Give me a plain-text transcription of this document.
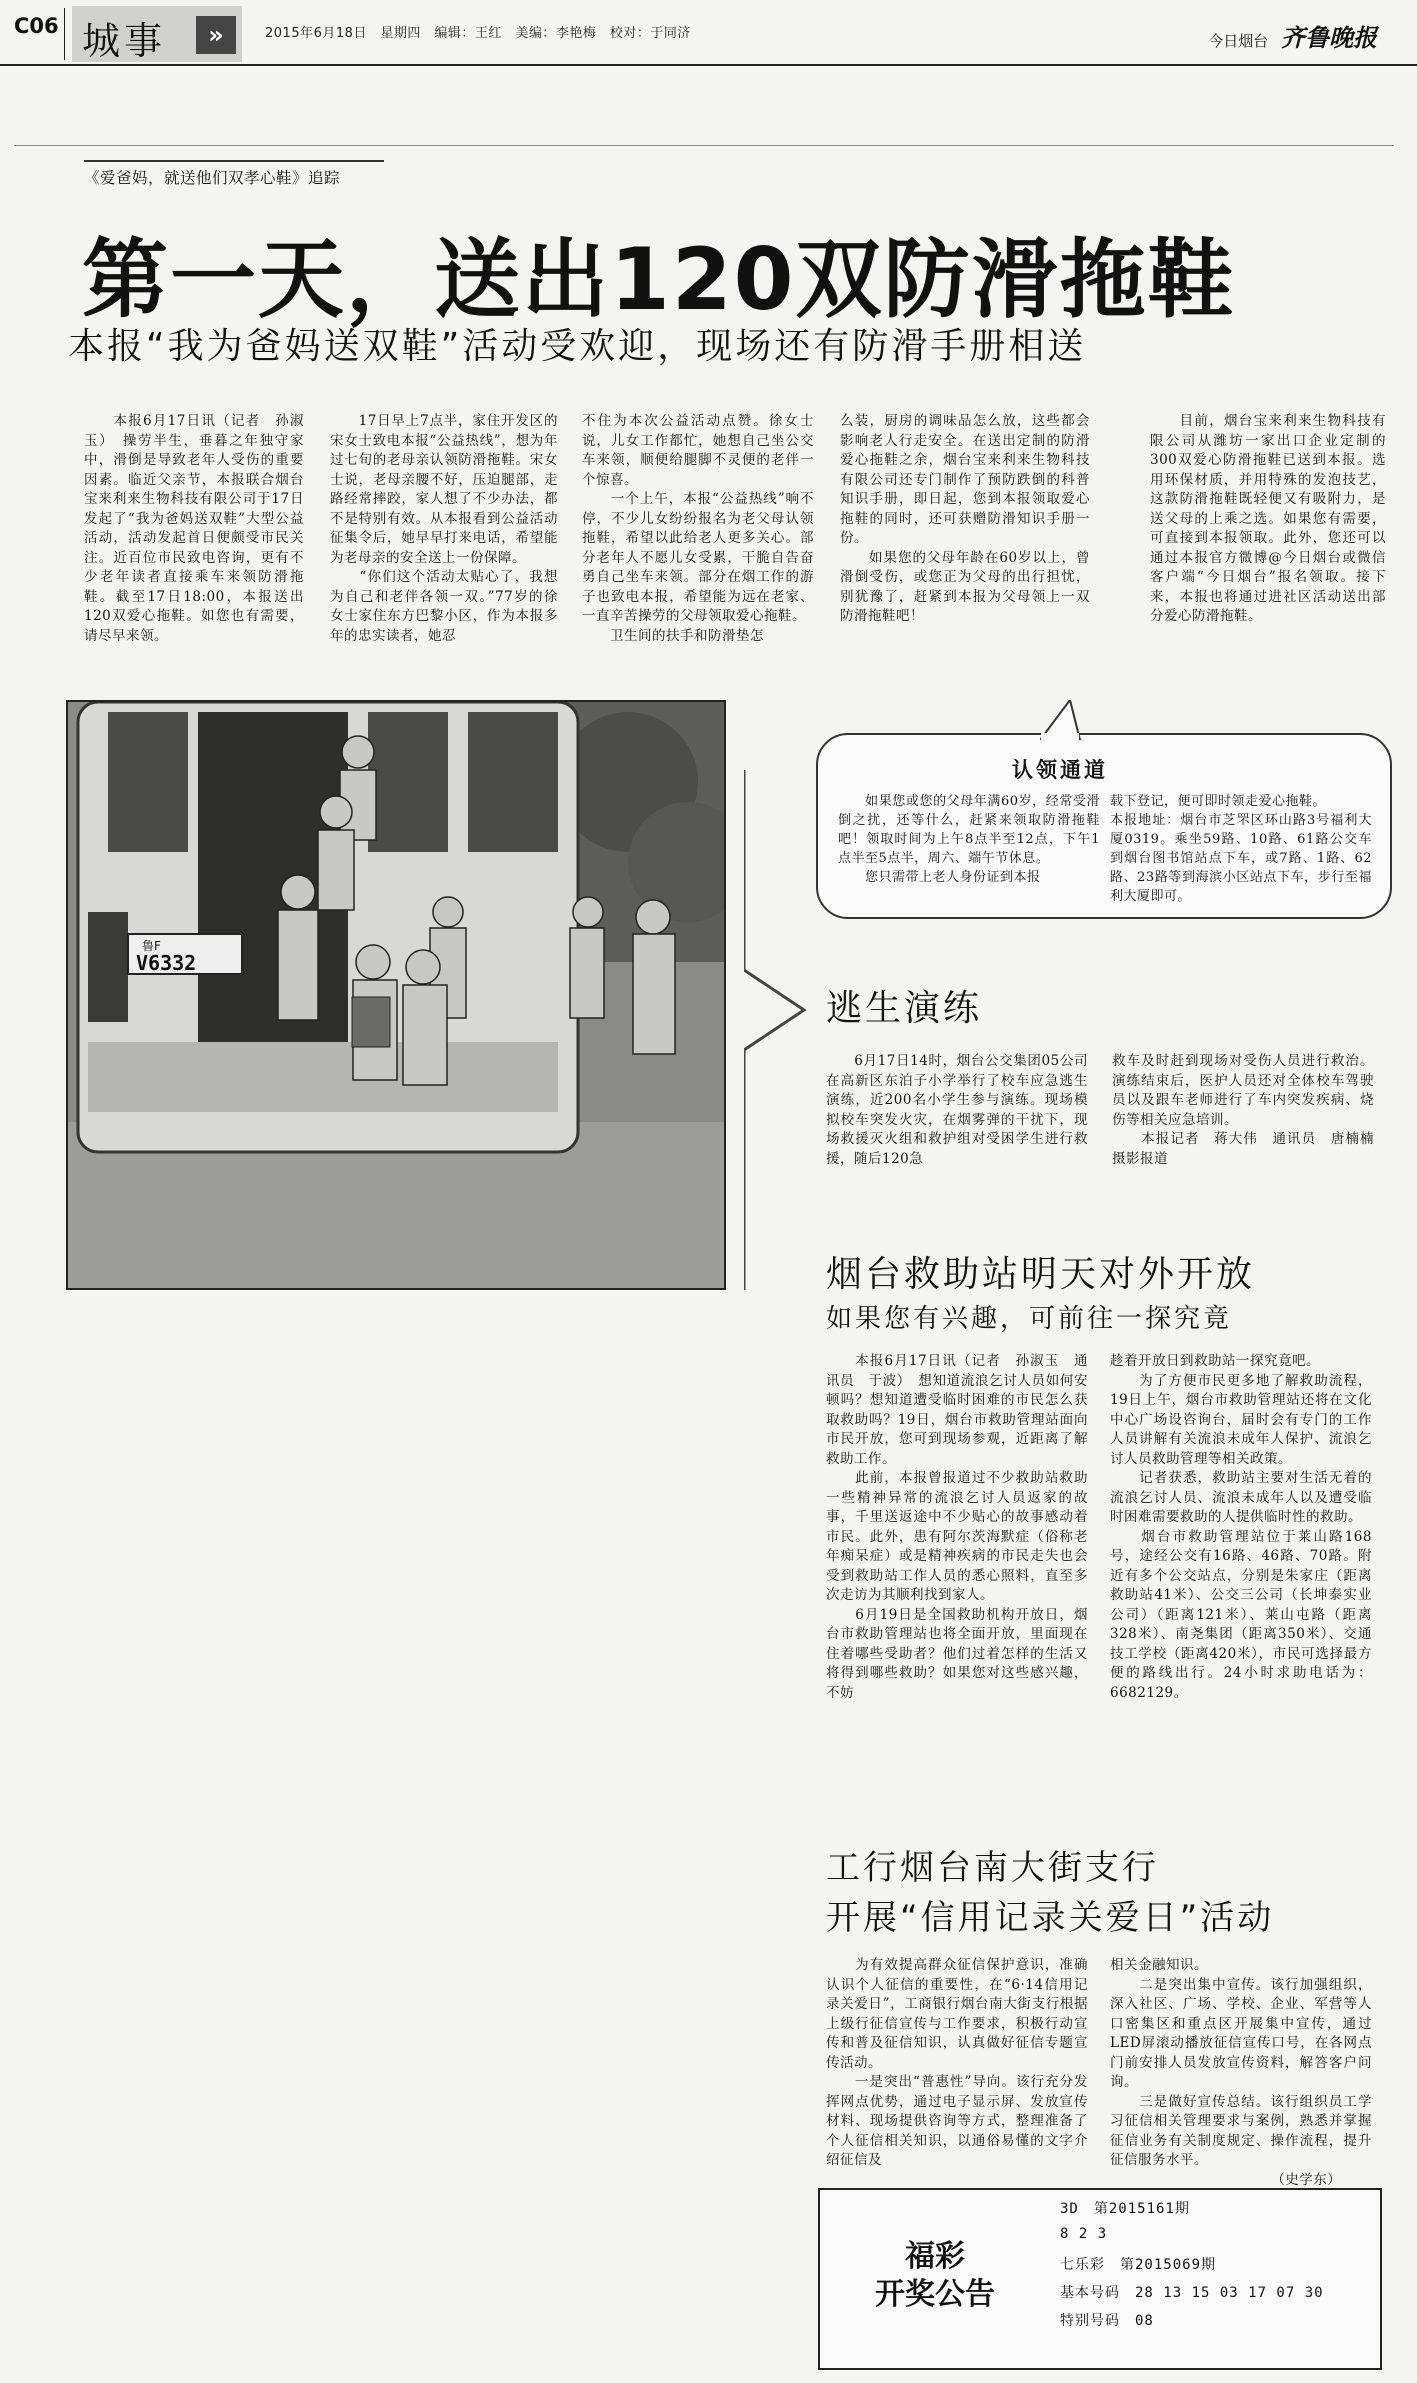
C06 城事	»	2015年6月18日　星期四　编辑：王红　美编：李艳梅　校对：于同济	今日烟台 齐鲁晚报
《爱爸妈，就送他们双孝心鞋》追踪
第一天，送出120双防滑拖鞋
本报“我为爸妈送双鞋”活动受欢迎，现场还有防滑手册相送
　　本报6月17日讯（记者　孙淑玉）　操劳半生，垂暮之年独守家中，滑倒是导致老年人受伤的重要因素。临近父亲节，本报联合烟台宝来利来生物科技有限公司于17日发起了“我为爸妈送双鞋”大型公益活动，活动发起首日便颇受市民关注。近百位市民致电咨询，更有不少老年读者直接乘车来领防滑拖鞋。截至17日18:00，本报送出120双爱心拖鞋。如您也有需要，请尽早来领。
　　17日早上7点半，家住开发区的宋女士致电本报“公益热线”，想为年过七旬的老母亲认领防滑拖鞋。宋女士说，老母亲腰不好，压迫腿部，走路经常摔跤，家人想了不少办法，都不是特别有效。从本报看到公益活动征集令后，她早早打来电话，希望能为老母亲的安全送上一份保障。
　　“你们这个活动太贴心了，我想为自己和老伴各领一双。”77岁的徐女士家住东方巴黎小区，作为本报多年的忠实读者，她忍
不住为本次公益活动点赞。徐女士说，儿女工作都忙，她想自己坐公交车来领，顺便给腿脚不灵便的老伴一个惊喜。
　　一个上午，本报“公益热线”响不停，不少儿女纷纷报名为老父母认领拖鞋，希望以此给老人更多关心。部分老年人不愿儿女受累，干脆自告奋勇自己坐车来领。部分在烟工作的游子也致电本报，希望能为远在老家、一直辛苦操劳的父母领取爱心拖鞋。
　　卫生间的扶手和防滑垫怎
么装，厨房的调味品怎么放，这些都会影响老人行走安全。在送出定制的防滑爱心拖鞋之余，烟台宝来利来生物科技有限公司还专门制作了预防跌倒的科普知识手册，即日起，您到本报领取爱心拖鞋的同时，还可获赠防滑知识手册一份。
　　如果您的父母年龄在60岁以上，曾滑倒受伤，或您正为父母的出行担忧，别犹豫了，赶紧到本报为父母领上一双防滑拖鞋吧！
　　目前，烟台宝来利来生物科技有限公司从潍坊一家出口企业定制的300双爱心防滑拖鞋已送到本报。选用环保材质，并用特殊的发泡技艺，这款防滑拖鞋既轻便又有吸附力，是送父母的上乘之选。如果您有需要，可直接到本报领取。此外，您还可以通过本报官方微博@今日烟台或微信客户端“今日烟台”报名领取。接下来，本报也将通过进社区活动送出部分爱心防滑拖鞋。
鲁F
V6332
认领通道
　　如果您或您的父母年满60岁，经常受滑倒之扰，还等什么，赶紧来领取防滑拖鞋吧！领取时间为上午8点半至12点，下午1点半至5点半，周六、端午节休息。
　　您只需带上老人身份证到本报
载下登记，便可即时领走爱心拖鞋。
本报地址：烟台市芝罘区环山路3号福利大厦0319。乘坐59路、10路、61路公交车到烟台图书馆站点下车，或7路、1路、62路、23路等到海滨小区站点下车，步行至福利大厦即可。
逃生演练
　　6月17日14时，烟台公交集团05公司在高新区东泊子小学举行了校车应急逃生演练，近200名小学生参与演练。现场模拟校车突发火灾，在烟雾弹的干扰下，现场救援灭火组和救护组对受困学生进行救援，随后120急
救车及时赶到现场对受伤人员进行救治。演练结束后，医护人员还对全体校车驾驶员以及跟车老师进行了车内突发疾病、烧伤等相关应急培训。
　　本报记者　蒋大伟　通讯员　唐楠楠　摄影报道
烟台救助站明天对外开放
如果您有兴趣，可前往一探究竟
　　本报6月17日讯（记者　孙淑玉　通讯员　于波）　想知道流浪乞讨人员如何安顿吗？想知道遭受临时困难的市民怎么获取救助吗？19日，烟台市救助管理站面向市民开放，您可到现场参观，近距离了解救助工作。
　　此前，本报曾报道过不少救助站救助一些精神异常的流浪乞讨人员返家的故事，千里送返途中不少贴心的故事感动着市民。此外，患有阿尔茨海默症（俗称老年痴呆症）或是精神疾病的市民走失也会受到救助站工作人员的悉心照料，直至多次走访为其顺利找到家人。
　　6月19日是全国救助机构开放日，烟台市救助管理站也将全面开放，里面现在住着哪些受助者？他们过着怎样的生活又将得到哪些救助？如果您对这些感兴趣，不妨
趁着开放日到救助站一探究竟吧。
　　为了方便市民更多地了解救助流程，19日上午，烟台市救助管理站还将在文化中心广场设咨询台，届时会有专门的工作人员讲解有关流浪未成年人保护、流浪乞讨人员救助管理等相关政策。
　　记者获悉，救助站主要对生活无着的流浪乞讨人员、流浪未成年人以及遭受临时困难需要救助的人提供临时性的救助。
　　烟台市救助管理站位于莱山路168号，途经公交有16路、46路、70路。附近有多个公交站点，分别是朱家庄（距离救助站41米）、公交三公司（长坤泰实业公司）（距离121米）、莱山屯路（距离328米）、南尧集团（距离350米）、交通技工学校（距离420米），市民可选择最方便的路线出行。24小时求助电话为：6682129。
工行烟台南大街支行
开展“信用记录关爱日”活动
　　为有效提高群众征信保护意识，准确认识个人征信的重要性，在“6·14信用记录关爱日”，工商银行烟台南大街支行根据上级行征信宣传与工作要求，积极行动宣传和普及征信知识，认真做好征信专题宣传活动。
　　一是突出“普惠性”导向。该行充分发挥网点优势，通过电子显示屏、发放宣传材料、现场提供咨询等方式，整理准备了个人征信相关知识，以通俗易懂的文字介绍征信及
相关金融知识。
　　二是突出集中宣传。该行加强组织，深入社区、广场、学校、企业、军营等人口密集区和重点区开展集中宣传，通过LED屏滚动播放征信宣传口号，在各网点门前安排人员发放宣传资料，解答客户问询。
　　三是做好宣传总结。该行组织员工学习征信相关管理要求与案例，熟悉并掌握征信业务有关制度规定、操作流程，提升征信服务水平。
　　　　　　　　　　　　（史学东）
福彩
开奖公告
3D　第2015161期
8 2 3
七乐彩　第2015069期
基本号码　28 13 15 03 17 07 30
特别号码　08
